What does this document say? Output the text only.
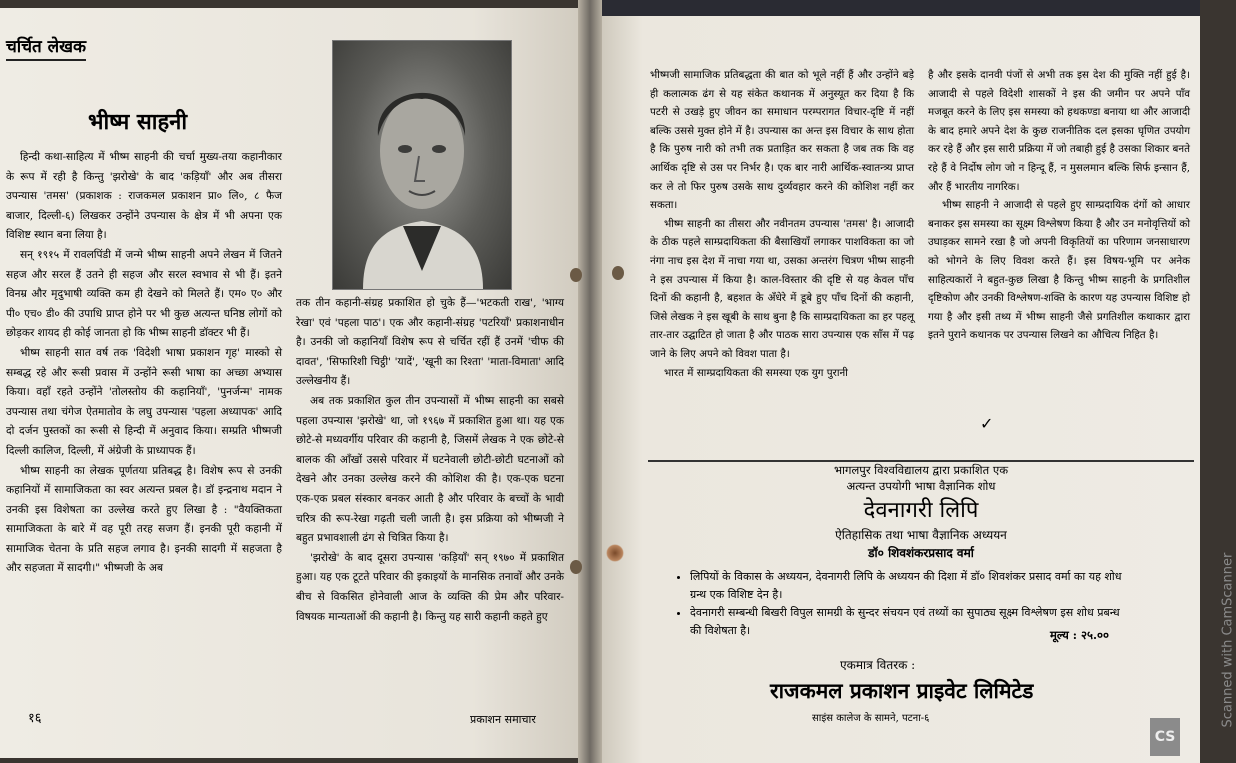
चर्चित लेखक
भीष्म साहनी

हिन्दी कथा-साहित्य में भीष्म साहनी की चर्चा मुख्य-तया कहानीकार के रूप में रही है किन्तु 'झरोखे' के बाद 'कड़ियाँ' और अब तीसरा उपन्यास 'तमस' (प्रकाशक : राजकमल प्रकाशन प्रा० लि०, ८ फैज बाजार, दिल्ली-६) लिखकर उन्होंने उपन्यास के क्षेत्र में भी अपना एक विशिष्ट स्थान बना लिया है।

सन् १९१५ में रावलपिंडी में जन्मे भीष्म साहनी अपने लेखन में जितने सहज और सरल हैं उतने ही सहज और सरल स्वभाव से भी हैं। इतने विनम्र और मृदुभाषी व्यक्ति कम ही देखने को मिलते हैं। एम० ए० और पी० एच० डी० की उपाधि प्राप्त होने पर भी कुछ अत्यन्त घनिष्ठ लोगों को छोड़कर शायद ही कोई जानता हो कि भीष्म साहनी डॉक्टर भी हैं।

भीष्म साहनी सात वर्ष तक 'विदेशी भाषा प्रकाशन गृह' मास्को से सम्बद्ध रहे और रूसी प्रवास में उन्होंने रूसी भाषा का अच्छा अभ्यास किया। वहाँ रहते उन्होंने 'तोलस्तोय की कहानियाँ', 'पुनर्जन्म' नामक उपन्यास तथा चंगेज ऐतमातोव के लघु उपन्यास 'पहला अध्यापक' आदि दो दर्जन पुस्तकों का रूसी से हिन्दी में अनुवाद किया। सम्प्रति भीष्मजी दिल्ली कालिज, दिल्ली, में अंग्रेजी के प्राध्यापक हैं।

भीष्म साहनी का लेखक पूर्णतया प्रतिबद्ध है। विशेष रूप से उनकी कहानियों में सामाजिकता का स्वर अत्यन्त प्रबल है। डॉ इन्द्रनाथ मदान ने उनकी इस विशेषता का उल्लेख करते हुए लिखा है : "वैयक्तिकता सामाजिकता के बारे में वह पूरी तरह सजग हैं। इनकी पूरी कहानी में सामाजिक चेतना के प्रति सहज लगाव है। इनकी सादगी में सहजता है और सहजता में सादगी।" भीष्मजी के अब

तक तीन कहानी-संग्रह प्रकाशित हो चुके हैं—'भटकती राख', 'भाग्य रेखा' एवं 'पहला पाठ'। एक और कहानी-संग्रह 'पटरियाँ' प्रकाशनाधीन है। उनकी जो कहानियाँ विशेष रूप से चर्चित रहीं हैं उनमें 'चीफ की दावत', 'सिफारिशी चिट्ठी' 'यादें', 'खूनी का रिश्ता' 'माता-विमाता' आदि उल्लेखनीय हैं।

अब तक प्रकाशित कुल तीन उपन्यासों में भीष्म साहनी का सबसे पहला उपन्यास 'झरोखे' था, जो १९६७ में प्रकाशित हुआ था। यह एक छोटे-से मध्यवर्गीय परिवार की कहानी है, जिसमें लेखक ने एक छोटे-से बालक की आँखों उससे परिवार में घटनेवाली छोटी-छोटी घटनाओं को देखने और उनका उल्लेख करने की कोशिश की है। एक-एक घटना एक-एक प्रबल संस्कार बनकर आती है और परिवार के बच्चों के भावी चरित्र की रूप-रेखा गढ़ती चली जाती है। इस प्रक्रिया को भीष्मजी ने बहुत प्रभावशाली ढंग से चित्रित किया है।

'झरोखे' के बाद दूसरा उपन्यास 'कड़ियाँ' सन् १९७० में प्रकाशित हुआ। यह एक टूटते परिवार की इकाइयों के मानसिक तनावों और उनके बीच से विकसित होनेवाली आज के व्यक्ति की प्रेम और परिवार-विषयक मान्यताओं की कहानी है। किन्तु यह सारी कहानी कहते हुए

१६	प्रकाशन समाचार

भीष्मजी सामाजिक प्रतिबद्धता की बात को भूले नहीं हैं और उन्होंने बड़े ही कलात्मक ढंग से यह संकेत कथानक में अनुस्यूत कर दिया है कि पटरी से उखड़े हुए जीवन का समाधान परम्परागत विचार-दृष्टि में नहीं बल्कि उससे मुक्त होने में है। उपन्यास का अन्त इस विचार के साथ होता है कि पुरुष नारी को तभी तक प्रताड़ित कर सकता है जब तक कि वह आर्थिक दृष्टि से उस पर निर्भर है। एक बार नारी आर्थिक-स्वातन्त्र्य प्राप्त कर ले तो फिर पुरुष उसके साथ दुर्व्यवहार करने की कोशिश नहीं कर सकता।

भीष्म साहनी का तीसरा और नवीनतम उपन्यास 'तमस' है। आजादी के ठीक पहले साम्प्रदायिकता की बैसाखियाँ लगाकर पाशविकता का जो नंगा नाच इस देश में नाचा गया था, उसका अन्तरंग चित्रण भीष्म साहनी ने इस उपन्यास में किया है। काल-विस्तार की दृष्टि से यह केवल पाँच दिनों की कहानी है, बहशत के अँधेरे में डूबे हुए पाँच दिनों की कहानी, जिसे लेखक ने इस खूबी के साथ बुना है कि साम्प्रदायिकता का हर पहलू तार-तार उद्घाटित हो जाता है और पाठक सारा उपन्यास एक साँस में पढ़ जाने के लिए अपने को विवश पाता है।

भारत में साम्प्रदायिकता की समस्या एक युग पुरानी

है और इसके दानवी पंजों से अभी तक इस देश की मुक्ति नहीं हुई है। आजादी से पहले विदेशी शासकों ने इस की जमीन पर अपने पाँव मजबूत करने के लिए इस समस्या को हथकण्डा बनाया था और आजादी के बाद हमारे अपने देश के कुछ राजनीतिक दल इसका घृणित उपयोग कर रहे हैं और इस सारी प्रक्रिया में जो तबाही हुई है उसका शिकार बनते रहे हैं वे निर्दोष लोग जो न हिन्दू हैं, न मुसलमान बल्कि सिर्फ इन्सान हैं, और हैं भारतीय नागरिक।

भीष्म साहनी ने आजादी से पहले हुए साम्प्रदायिक दंगों को आधार बनाकर इस समस्या का सूक्ष्म विश्लेषण किया है और उन मनोवृत्तियों को उघाड़कर सामने रखा है जो अपनी विकृतियों का परिणाम जनसाधारण को भोगने के लिए विवश करते हैं। इस विषय-भूमि पर अनेक साहित्यकारों ने बहुत-कुछ लिखा है किन्तु भीष्म साहनी के प्रगतिशील दृष्टिकोण और उनकी विश्लेषण-शक्ति के कारण यह उपन्यास विशिष्ट हो गया है और इसी तथ्य में भीष्म साहनी जैसे प्रगतिशील कथाकार द्वारा इतने पुराने कथानक पर उपन्यास लिखने का औचित्य निहित है।

✓
भागलपुर विश्वविद्यालय द्वारा प्रकाशित एक
अत्यन्त उपयोगी भाषा वैज्ञानिक शोध
देवनागरी लिपि
ऐतिहासिक तथा भाषा वैज्ञानिक अध्ययन
डॉ० शिवशंकरप्रसाद वर्मा
• लिपियों के विकास के अध्ययन, देवनागरी लिपि के अध्ययन की दिशा में डॉ० शिवशंकर प्रसाद वर्मा का यह शोध ग्रन्थ एक विशिष्ट देन है।
• देवनागरी सम्बन्धी बिखरी विपुल सामग्री के सुन्दर संचयन एवं तथ्यों का सुपाठ्य सूक्ष्म विश्लेषण इस शोध प्रबन्ध की विशेषता है।	मूल्य : २५.००
एकमात्र वितरक :
राजकमल प्रकाशन प्राइवेट लिमिटेड
साइंस कालेज के सामने, पटना-६	Scanned with CamScanner
CS
